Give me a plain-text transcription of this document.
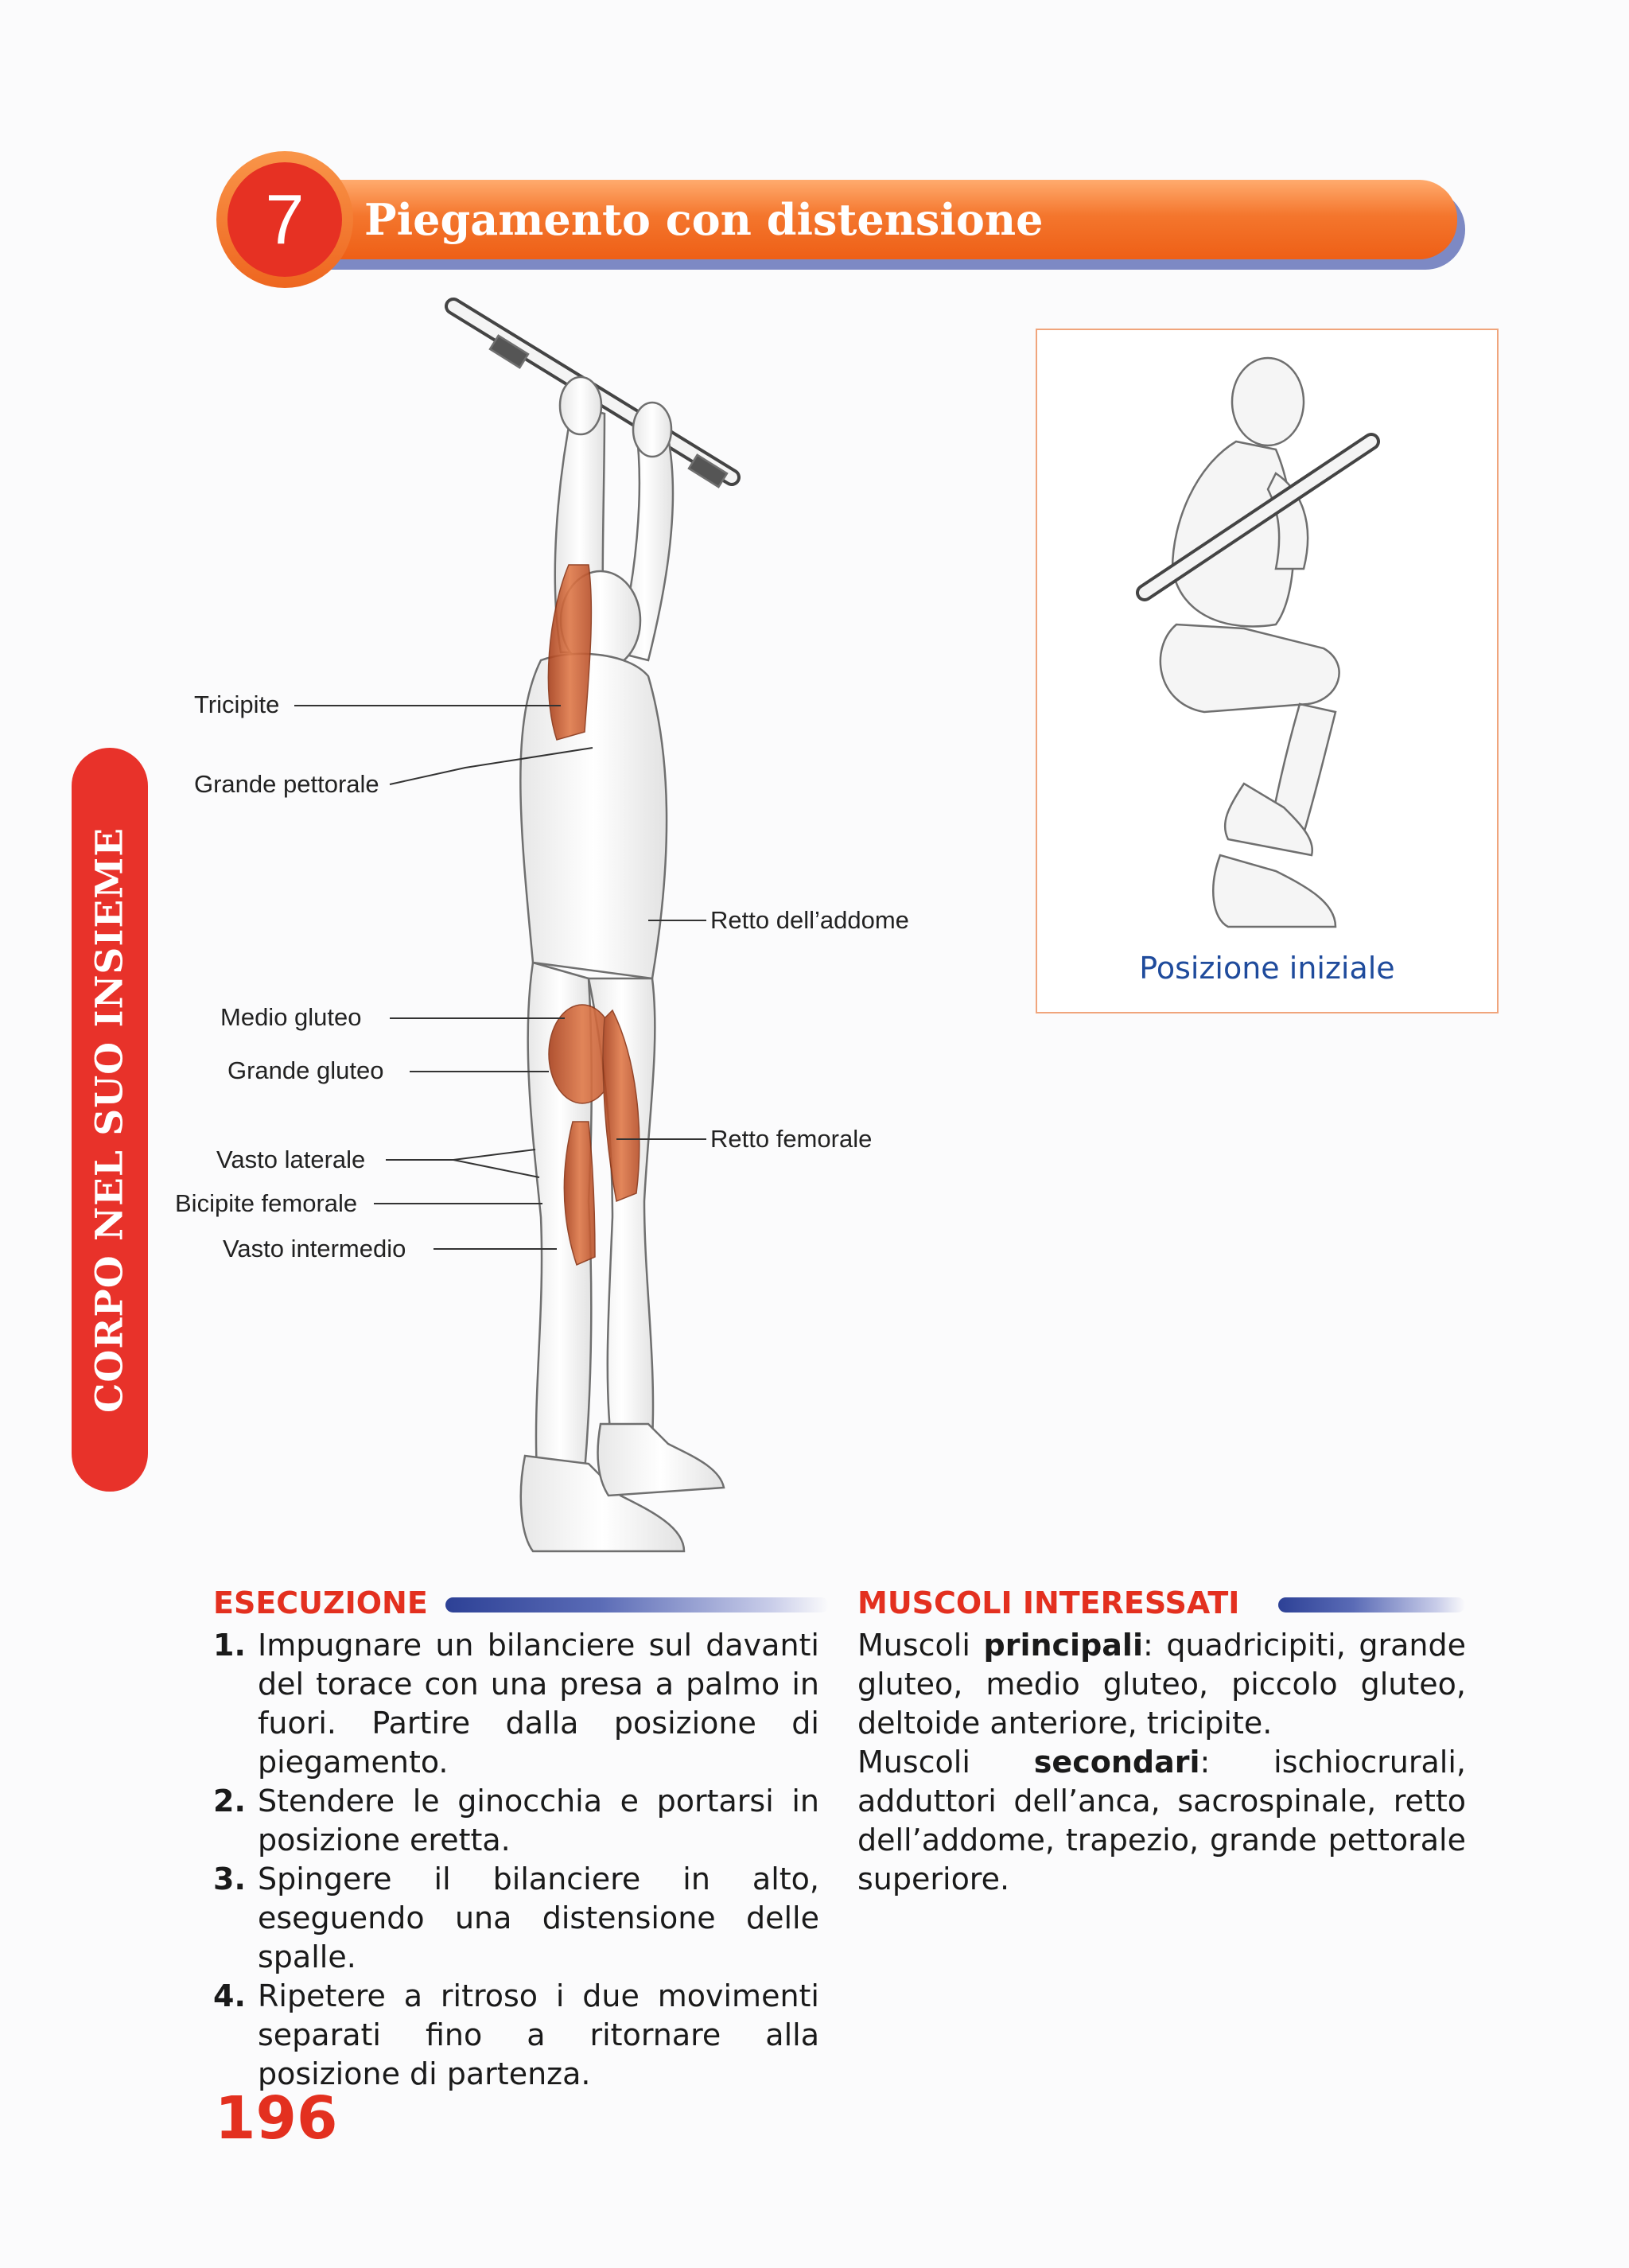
7	Piegamento con distensione
CORPO NEL SUO INSIEME
Tricipite
Grande pettorale
Retto dell’addome
Medio gluteo
Grande gluteo
Retto femorale
Vasto laterale
Bicipite femorale
Vasto intermedio
Posizione iniziale
ESECUZIONE
1. Impugnare un bilanciere sul davanti del torace con una presa a palmo in fuori. Partire dalla posizione di piegamento.
2. Stendere le ginocchia e portarsi in posizione eretta.
3. Spingere il bilanciere in alto, eseguendo una distensione delle spalle.
4. Ripetere a ritroso i due movimenti separati fino a ritornare alla posizione di partenza.
MUSCOLI INTERESSATI

Muscoli principali: quadricipiti, grande gluteo, medio gluteo, piccolo gluteo, deltoide anteriore, tricipite.

Muscoli secondari: ischiocrurali, adduttori dell’anca, sacrospinale, retto dell’addome, trapezio, grande pettorale superiore.

196
